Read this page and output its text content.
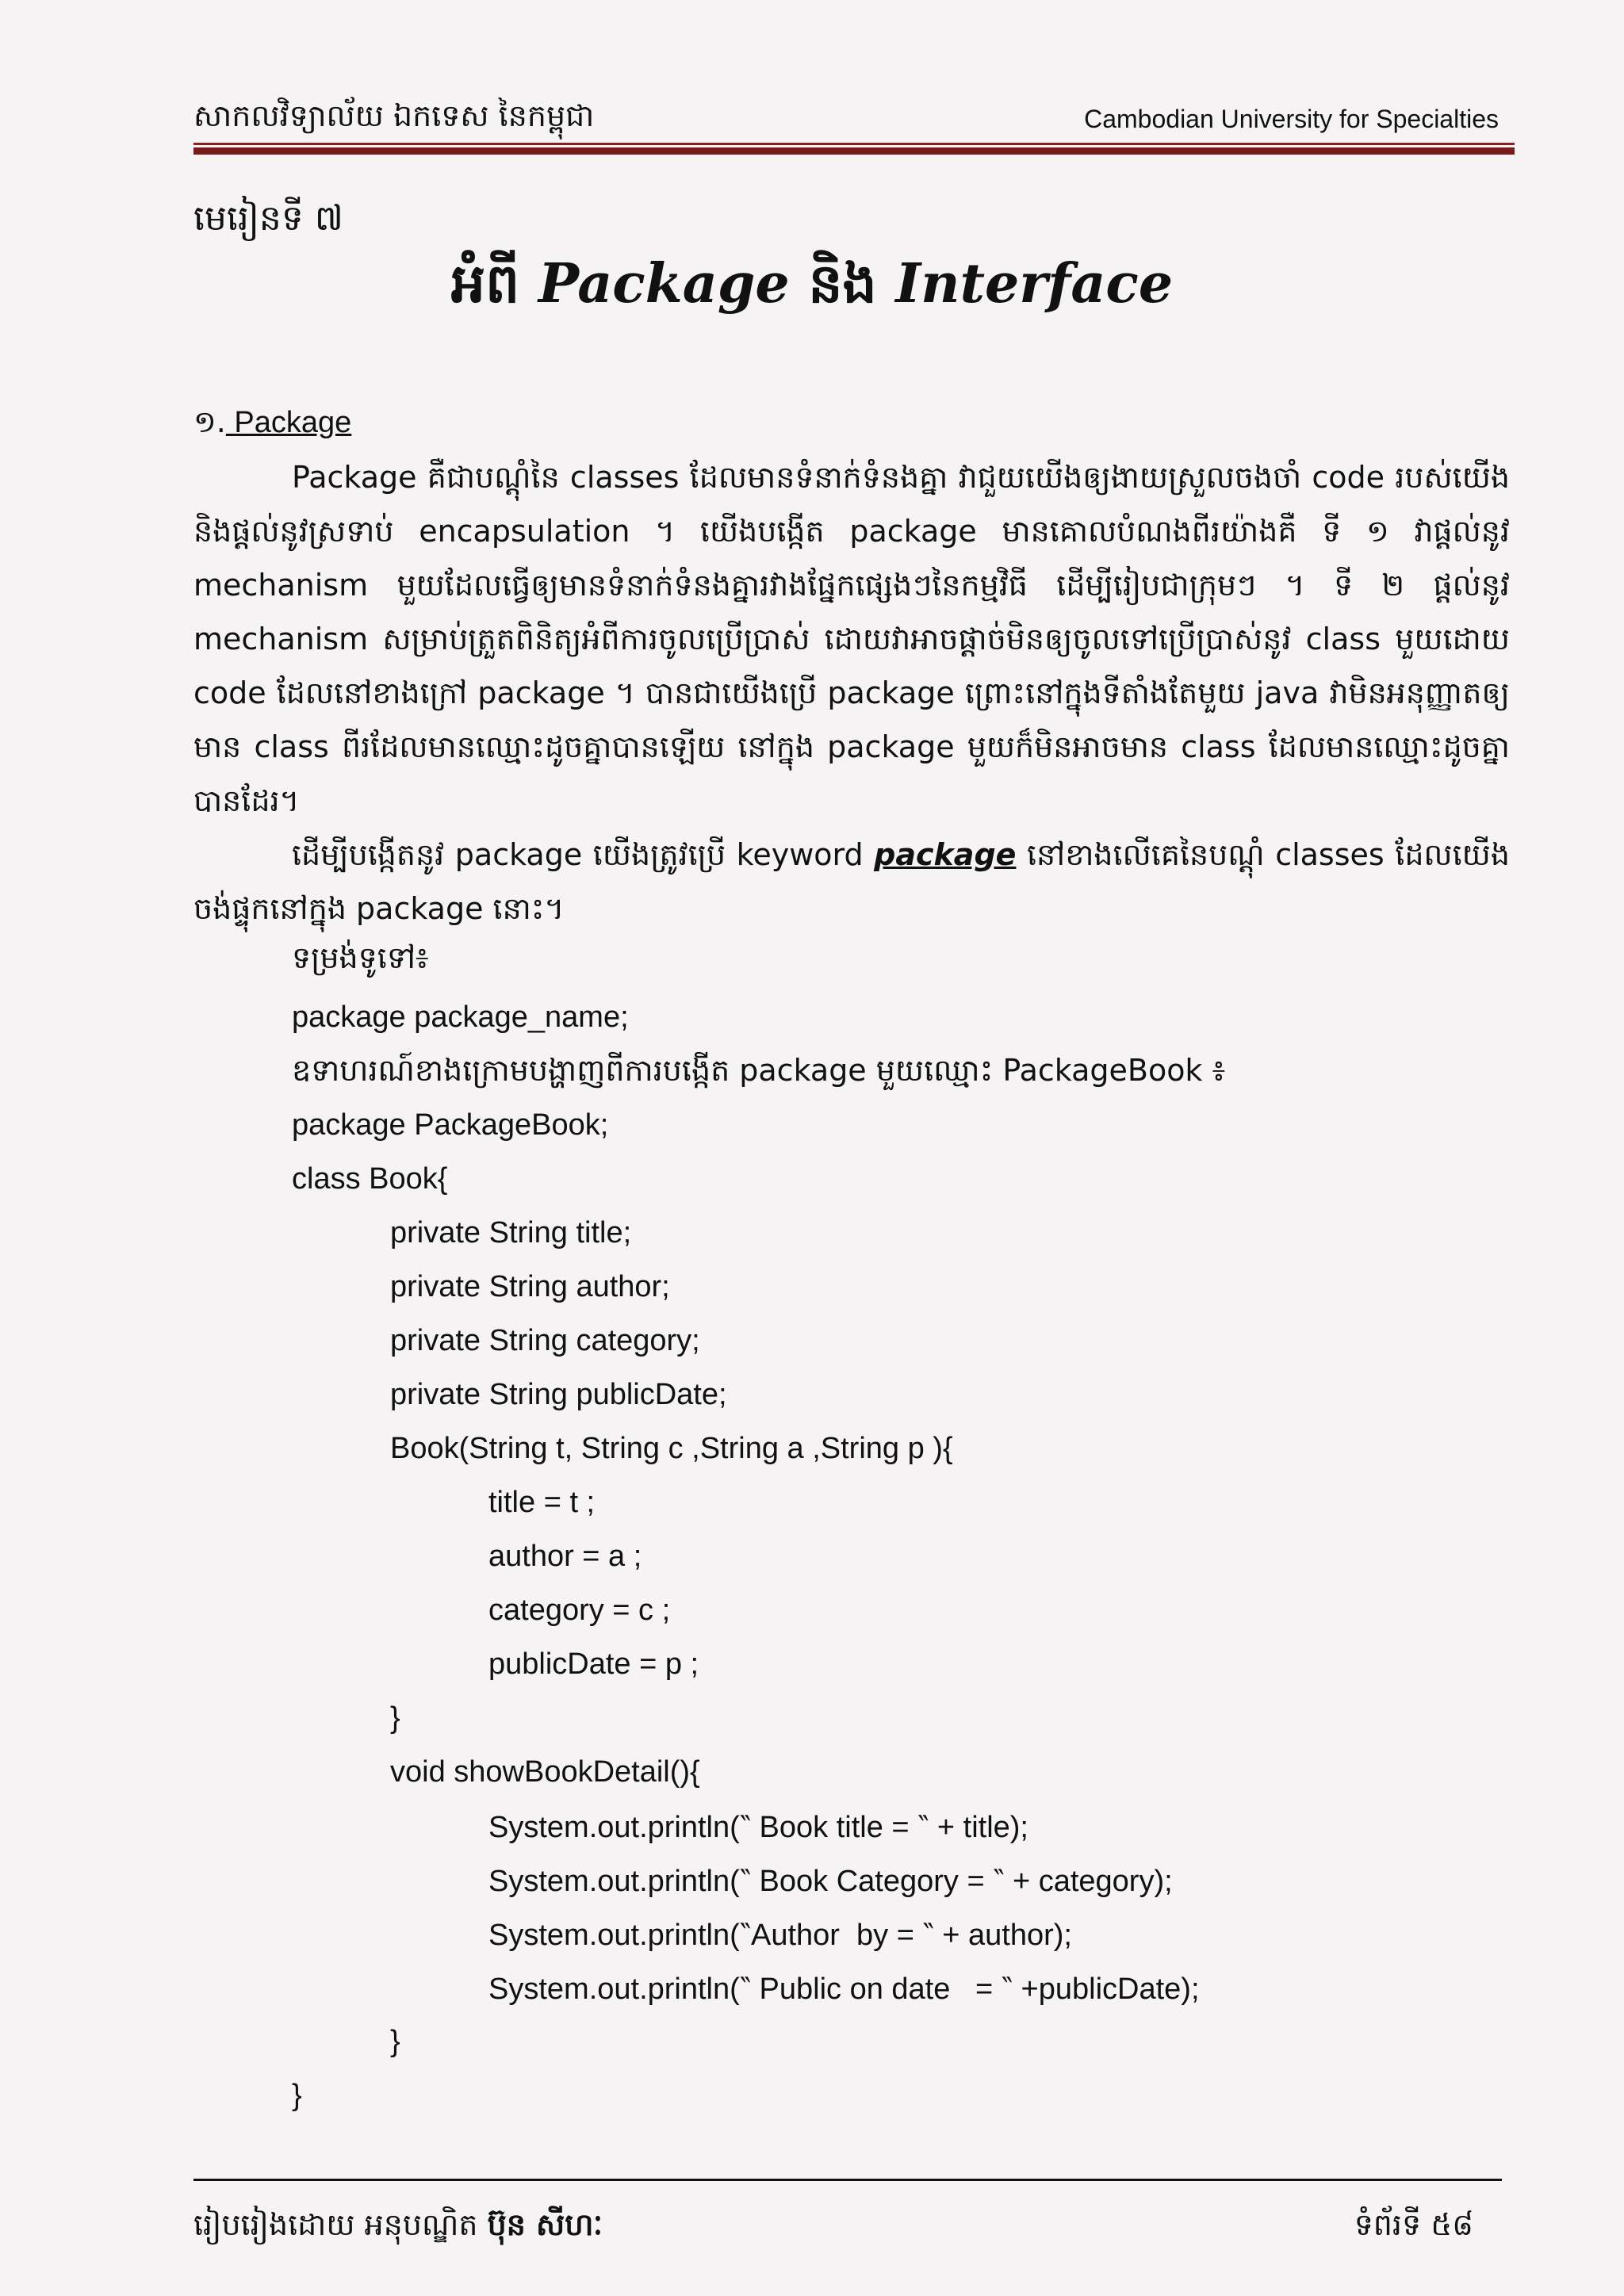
សាកលវិទ្យាល័យ ឯកទេស នៃកម្ពុជា	Cambodian University for Specialties
មេរៀនទី ៧
អំពី Package និង Interface
១. Package
Package គឺជាបណ្តុំនៃ classes ដែលមានទំនាក់ទំនងគ្នា វាជួយយើងឲ្យងាយស្រួលចងចាំ code របស់យើង និងផ្តល់នូវស្រទាប់ encapsulation ។ យើងបង្កើត package មានគោលបំណងពីរយ៉ាងគឺ ទី ១ វាផ្តល់នូវ mechanism មួយដែលធ្វើឲ្យមានទំនាក់ទំនងគ្នារវាងផ្នែកផ្សេងៗនៃកម្មវិធី ដើម្បីរៀបជាក្រុមៗ ។ ទី ២ ផ្តល់នូវ mechanism សម្រាប់ត្រួតពិនិត្យអំពីការចូលប្រើប្រាស់ ដោយវាអាចផ្តាច់មិនឲ្យចូលទៅប្រើប្រាស់នូវ class មួយដោយ code ដែលនៅខាងក្រៅ package ។ បានជាយើងប្រើ package ព្រោះនៅក្នុងទីតាំងតែមួយ java វាមិនអនុញ្ញាតឲ្យមាន class ពីរដែលមានឈ្មោះដូចគ្នាបានឡើយ នៅក្នុង package មួយក៏មិនអាចមាន class ដែលមានឈ្មោះដូចគ្នាបានដែរ។
ដើម្បីបង្កើតនូវ package យើងត្រូវប្រើ keyword package នៅខាងលើគេនៃបណ្តុំ classes ដែលយើងចង់ផ្ទុកនៅក្នុង package នោះ។
ទម្រង់ទូទៅ៖
package package_name;
ឧទាហរណ៍ខាងក្រោមបង្ហាញពីការបង្កើត package មួយឈ្មោះ PackageBook ៖
package PackageBook;
class Book{
private String title;
private String author;
private String category;
private String publicDate;
Book(String t, String c ,String a ,String p ){
title = t ;
author = a ;
category = c ;
publicDate = p ;
}
void showBookDetail(){
System.out.println(‶ Book title = ‶ + title);
System.out.println(‶ Book Category = ‶ + category);
System.out.println(‶Author  by = ‶ + author);
System.out.println(‶ Public on date   = ‶ +publicDate);
}
}
រៀបរៀងដោយ អនុបណ្ឌិត ប៊ុន សីហៈ	ទំព័រទី ៥៨
